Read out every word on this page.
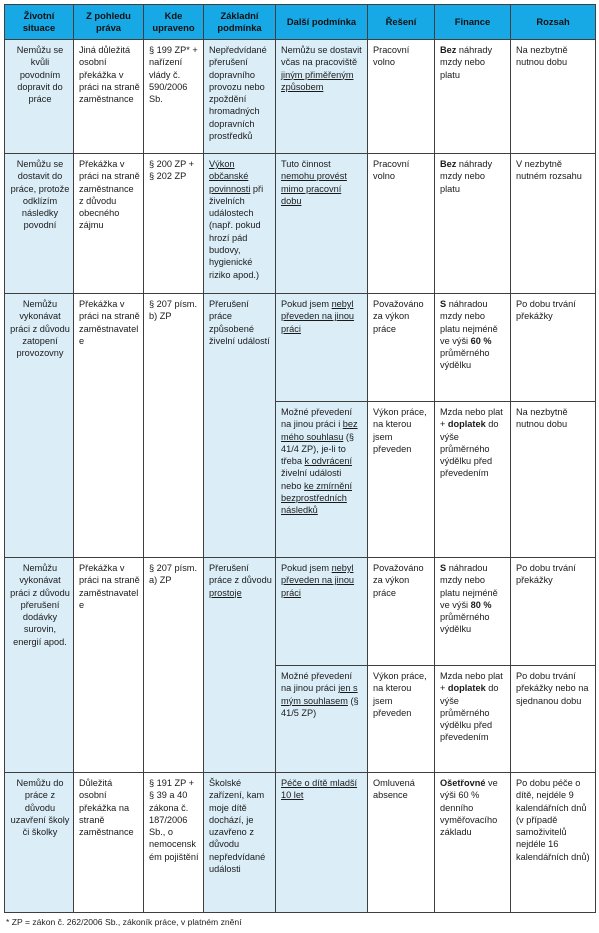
Životní situace	Z pohledu práva	Kde upraveno	Základní podmínka	Další podmínka	Řešení	Finance	Rozsah
Nemůžu se kvůli povodním dopravit do práce	Jiná důležitá osobní překážka v práci na straně zaměstnance	§ 199 ZP* + nařízení vlády č. 590/2006 Sb.	Nepředvídané přerušení dopravního provozu nebo zpoždění hromadných dopravních prostředků	Nemůžu se dostavit včas na pracoviště jiným přiměřeným způsobem	Pracovní volno	Bez náhrady mzdy nebo platu	Na nezbytně nutnou dobu
Nemůžu se dostavit do práce, protože odklízím následky povodní	Překážka v práci na straně zaměstnance z důvodu obecného zájmu	§ 200 ZP + § 202 ZP	Výkon občanské povinnosti při živelních událostech (např. pokud hrozí pád budovy, hygienické riziko apod.)	Tuto činnost nemohu provést mimo pracovní dobu	Pracovní volno	Bez náhrady mzdy nebo platu	V nezbytně nutném rozsahu
Nemůžu vykonávat práci z důvodu zatopení provozovny	Překážka v práci na straně zaměstnavatele	§ 207 písm. b) ZP	Přerušení práce způsobené živelní událostí	Pokud jsem nebyl převeden na jinou práci	Považováno za výkon práce	S náhradou mzdy nebo platu nejméně ve výši 60 % průměrného výdělku	Po dobu trvání překážky
				Možné převedení na jinou práci i bez mého souhlasu (§ 41/4 ZP), je-li to třeba k odvrácení živelní události nebo ke zmírnění bezprostředních následků	Výkon práce, na kterou jsem převeden	Mzda nebo plat + doplatek do výše průměrného výdělku před převedením	Na nezbytně nutnou dobu
Nemůžu vykonávat práci z důvodu přerušení dodávky surovin, energií apod.	Překážka v práci na straně zaměstnavatele	§ 207 písm. a) ZP	Přerušení práce z důvodu prostoje	Pokud jsem nebyl převeden na jinou práci	Považováno za výkon práce	S náhradou mzdy nebo platu nejméně ve výši 80 % průměrného výdělku	Po dobu trvání překážky
				Možné převedení na jinou práci jen s mým souhlasem (§ 41/5 ZP)	Výkon práce, na kterou jsem převeden	Mzda nebo plat + doplatek do výše průměrného výdělku před převedením	Po dobu trvání překážky nebo na sjednanou dobu
Nemůžu do práce z důvodu uzavření školy či školky	Důležitá osobní překážka na straně zaměstnance	§ 191 ZP + § 39 a 40 zákona č. 187/2006 Sb., o nemocenském pojištění	Školské zařízení, kam moje dítě dochází, je uzavřeno z důvodu nepředvídané události	Péče o dítě mladší 10 let	Omluvená absence	Ošetřovné ve výši 60 % denního vyměřovacího základu	Po dobu péče o dítě, nejdéle 9 kalendářních dnů (v případě samoživitelů nejdéle 16 kalendářních dnů)
* ZP = zákon č. 262/2006 Sb., zákoník práce, v platném znění
